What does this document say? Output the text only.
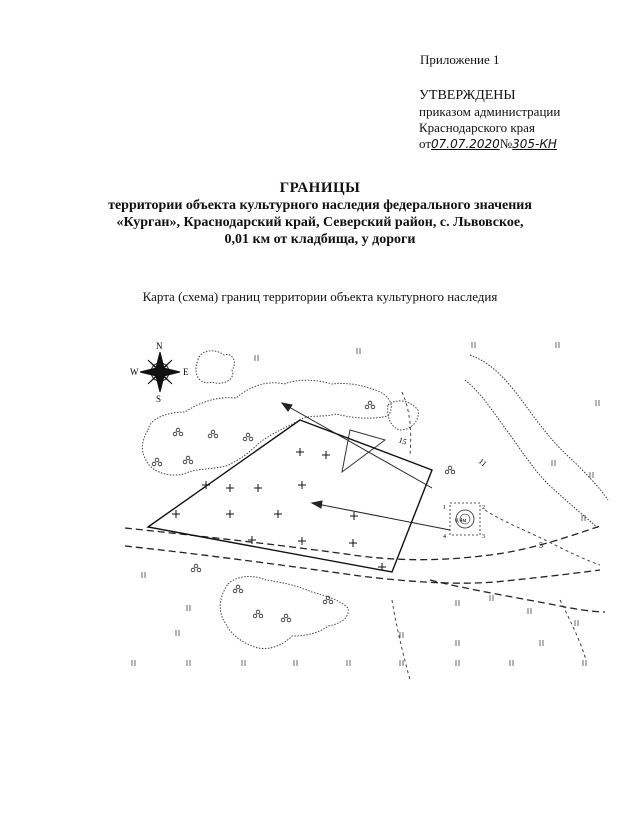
Приложение 1
УТВЕРЖДЕНЫ
приказом администрации
Краснодарского края
от07.07.2020№305-КН
ГРАНИЦЫ
территории объекта культурного наследия федерального значения
«Курган», Краснодарский край, Северский район, с. Львовское,
0,01 км от кладбища, у дороги
Карта (схема) границ территории объекта культурного наследия
N
S
E
W
0,4м
1	2
3
4
15
11
5
